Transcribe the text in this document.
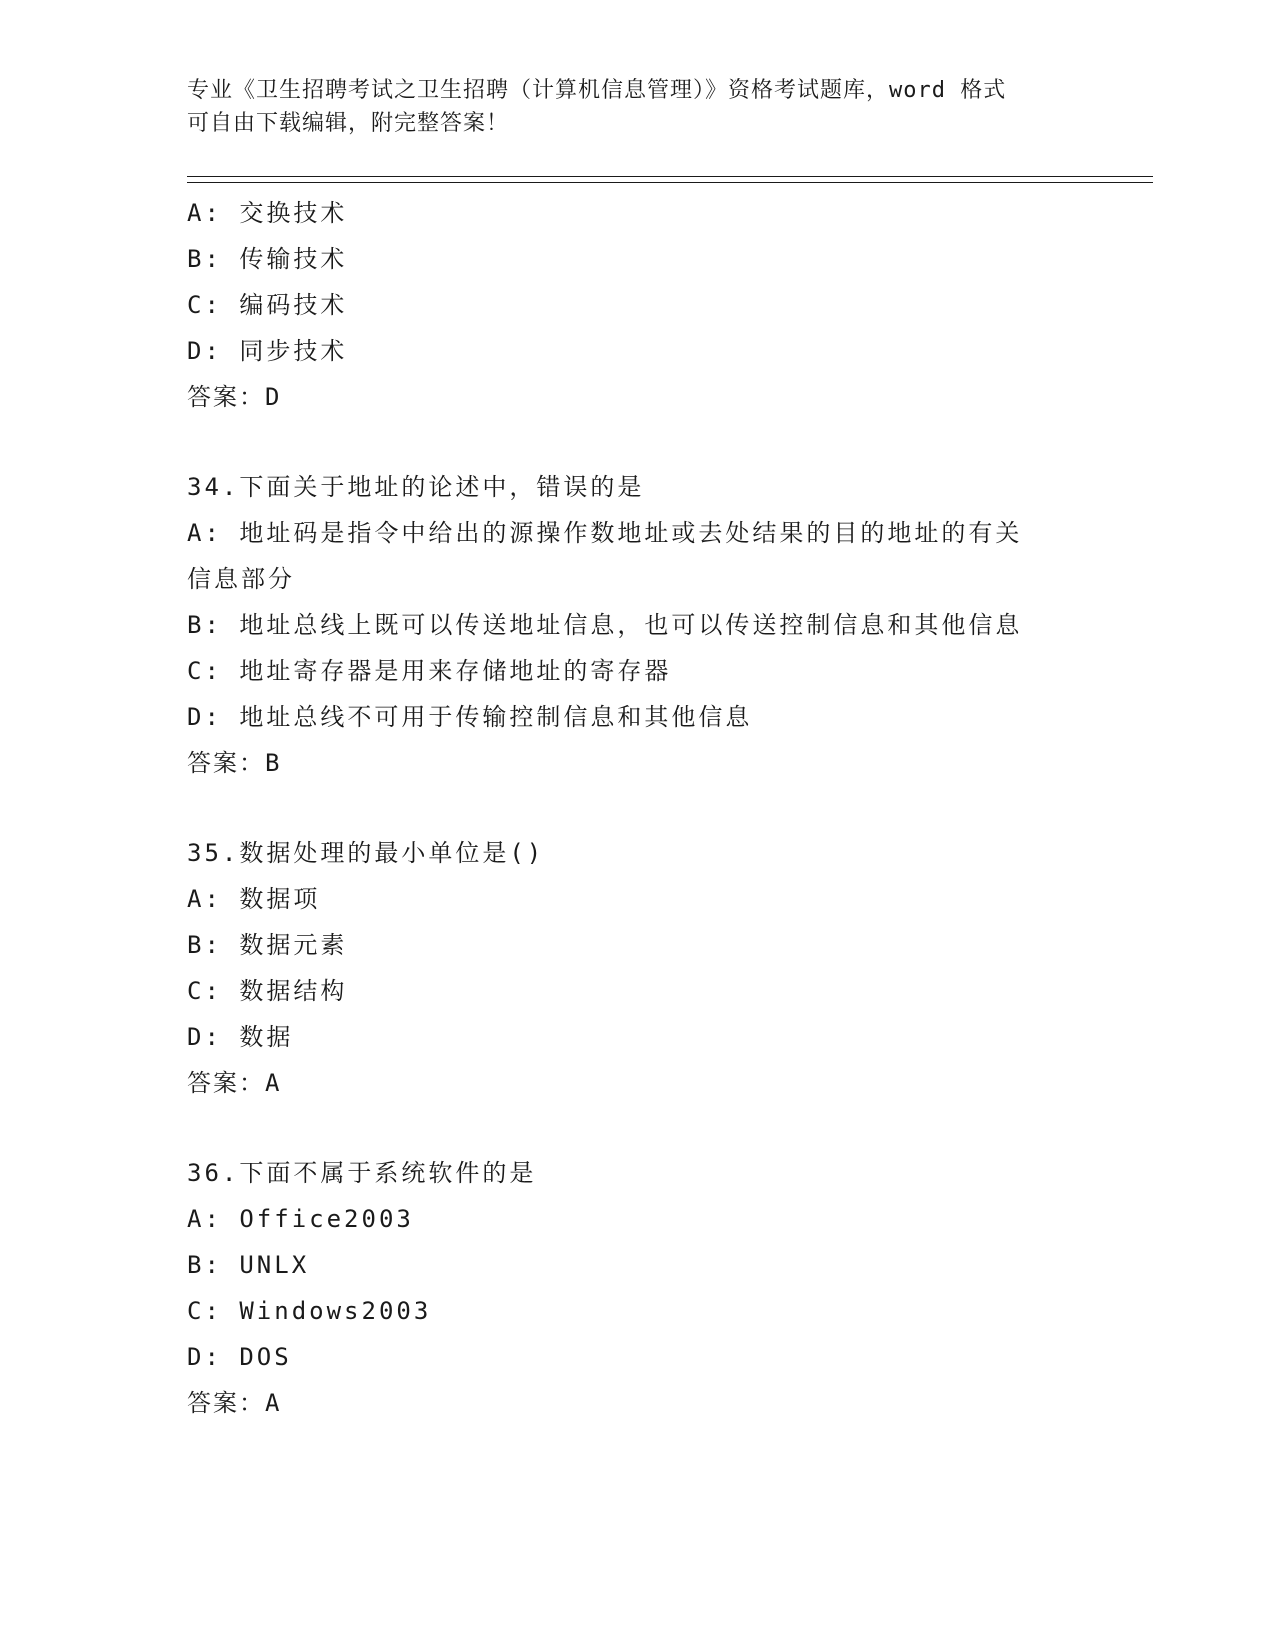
专业《卫生招聘考试之卫生招聘（计算机信息管理）》资格考试题库，word 格式
可自由下载编辑，附完整答案！
A: 交换技术
B: 传输技术
C: 编码技术
D: 同步技术
答案：D
34.下面关于地址的论述中，错误的是
A: 地址码是指令中给出的源操作数地址或去处结果的目的地址的有关
信息部分
B: 地址总线上既可以传送地址信息，也可以传送控制信息和其他信息
C: 地址寄存器是用来存储地址的寄存器
D: 地址总线不可用于传输控制信息和其他信息
答案：B
35.数据处理的最小单位是()
A: 数据项
B: 数据元素
C: 数据结构
D: 数据
答案：A
36.下面不属于系统软件的是
A: Office2003
B: UNLX
C: Windows2003
D: DOS
答案：A
